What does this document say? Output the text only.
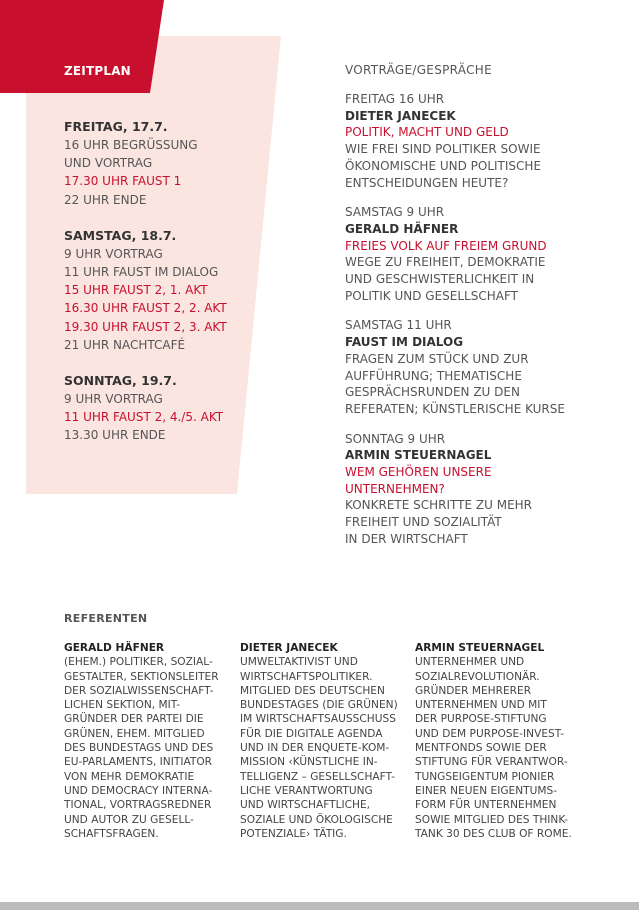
ZEITPLAN
FREITAG, 17.7.
16 UHR BEGRÜSSUNG
UND VORTRAG
17.30 UHR FAUST 1
22 UHR ENDE
SAMSTAG, 18.7.
9 UHR VORTRAG
11 UHR FAUST IM DIALOG
15 UHR FAUST 2, 1. AKT
16.30 UHR FAUST 2, 2. AKT
19.30 UHR FAUST 2, 3. AKT
21 UHR NACHTCAFÉ
SONNTAG, 19.7.
9 UHR VORTRAG
11 UHR FAUST 2, 4./5. AKT
13.30 UHR ENDE
VORTRÄGE/GESPRÄCHE
FREITAG 16 UHR
DIETER JANECEK
POLITIK, MACHT UND GELD
WIE FREI SIND POLITIKER SOWIE
ÖKONOMISCHE UND POLITISCHE
ENTSCHEIDUNGEN HEUTE?
SAMSTAG 9 UHR
GERALD HÄFNER
FREIES VOLK AUF FREIEM GRUND
WEGE ZU FREIHEIT, DEMOKRATIE
UND GESCHWISTERLICHKEIT IN
POLITIK UND GESELLSCHAFT
SAMSTAG 11 UHR
FAUST IM DIALOG
FRAGEN ZUM STÜCK UND ZUR
AUFFÜHRUNG; THEMATISCHE
GESPRÄCHSRUNDEN ZU DEN
REFERATEN; KÜNSTLERISCHE KURSE
SONNTAG 9 UHR
ARMIN STEUERNAGEL
WEM GEHÖREN UNSERE
UNTERNEHMEN?
KONKRETE SCHRITTE ZU MEHR
FREIHEIT UND SOZIALITÄT
IN DER WIRTSCHAFT
REFERENTEN
GERALD HÄFNER
(EHEM.) POLITIKER, SOZIAL-
GESTALTER, SEKTIONSLEITER
DER SOZIALWISSENSCHAFT-
LICHEN SEKTION, MIT-
GRÜNDER DER PARTEI DIE
GRÜNEN, EHEM. MITGLIED
DES BUNDESTAGS UND DES
EU-PARLAMENTS, INITIATOR
VON MEHR DEMOKRATIE
UND DEMOCRACY INTERNA-
TIONAL, VORTRAGSREDNER
UND AUTOR ZU GESELL-
SCHAFTSFRAGEN.
DIETER JANECEK
UMWELTAKTIVIST UND
WIRTSCHAFTSPOLITIKER.
MITGLIED DES DEUTSCHEN
BUNDESTAGES (DIE GRÜNEN)
IM WIRTSCHAFTSAUSSCHUSS
FÜR DIE DIGITALE AGENDA
UND IN DER ENQUETE-KOM-
MISSION ‹KÜNSTLICHE IN-
TELLIGENZ – GESELLSCHAFT-
LICHE VERANTWORTUNG
UND WIRTSCHAFTLICHE,
SOZIALE UND ÖKOLOGISCHE
POTENZIALE› TÄTIG.
ARMIN STEUERNAGEL
UNTERNEHMER UND
SOZIALREVOLUTIONÄR.
GRÜNDER MEHRERER
UNTERNEHMEN UND MIT
DER PURPOSE-STIFTUNG
UND DEM PURPOSE-INVEST-
MENTFONDS SOWIE DER
STIFTUNG FÜR VERANTWOR-
TUNGSEIGENTUM PIONIER
EINER NEUEN EIGENTUMS-
FORM FÜR UNTERNEHMEN
SOWIE MITGLIED DES THINK-
TANK 30 DES CLUB OF ROME.
